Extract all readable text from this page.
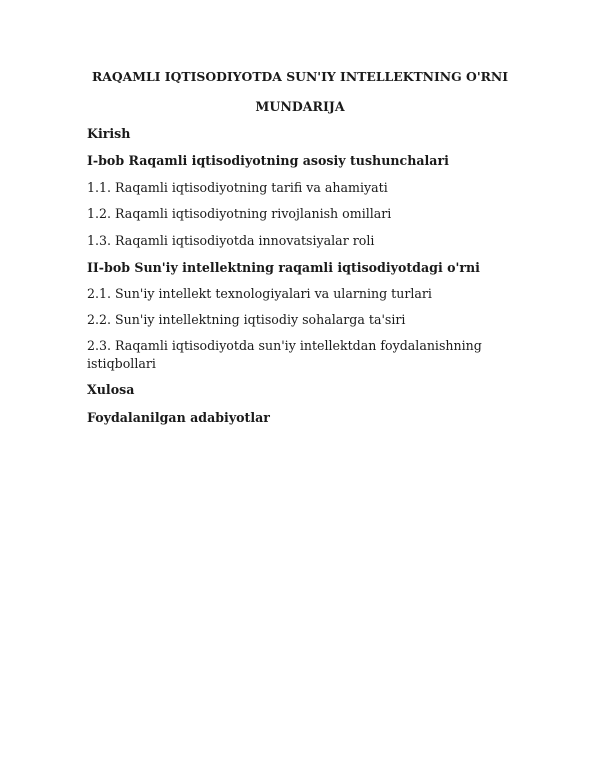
RAQAMLI IQTISODIYOTDA SUN'IY INTELLEKTNING O'RNI
MUNDARIJA
Kirish
I-bob Raqamli iqtisodiyotning asosiy tushunchalari
1.1. Raqamli iqtisodiyotning tarifi va ahamiyati
1.2. Raqamli iqtisodiyotning rivojlanish omillari
1.3. Raqamli iqtisodiyotda innovatsiyalar roli
II-bob Sun'iy intellektning raqamli iqtisodiyotdagi o'rni
2.1. Sun'iy intellekt texnologiyalari va ularning turlari
2.2. Sun'iy intellektning iqtisodiy sohalarga ta'siri
2.3. Raqamli iqtisodiyotda sun'iy intellektdan foydalanishning
istiqbollari
Xulosa
Foydalanilgan adabiyotlar
